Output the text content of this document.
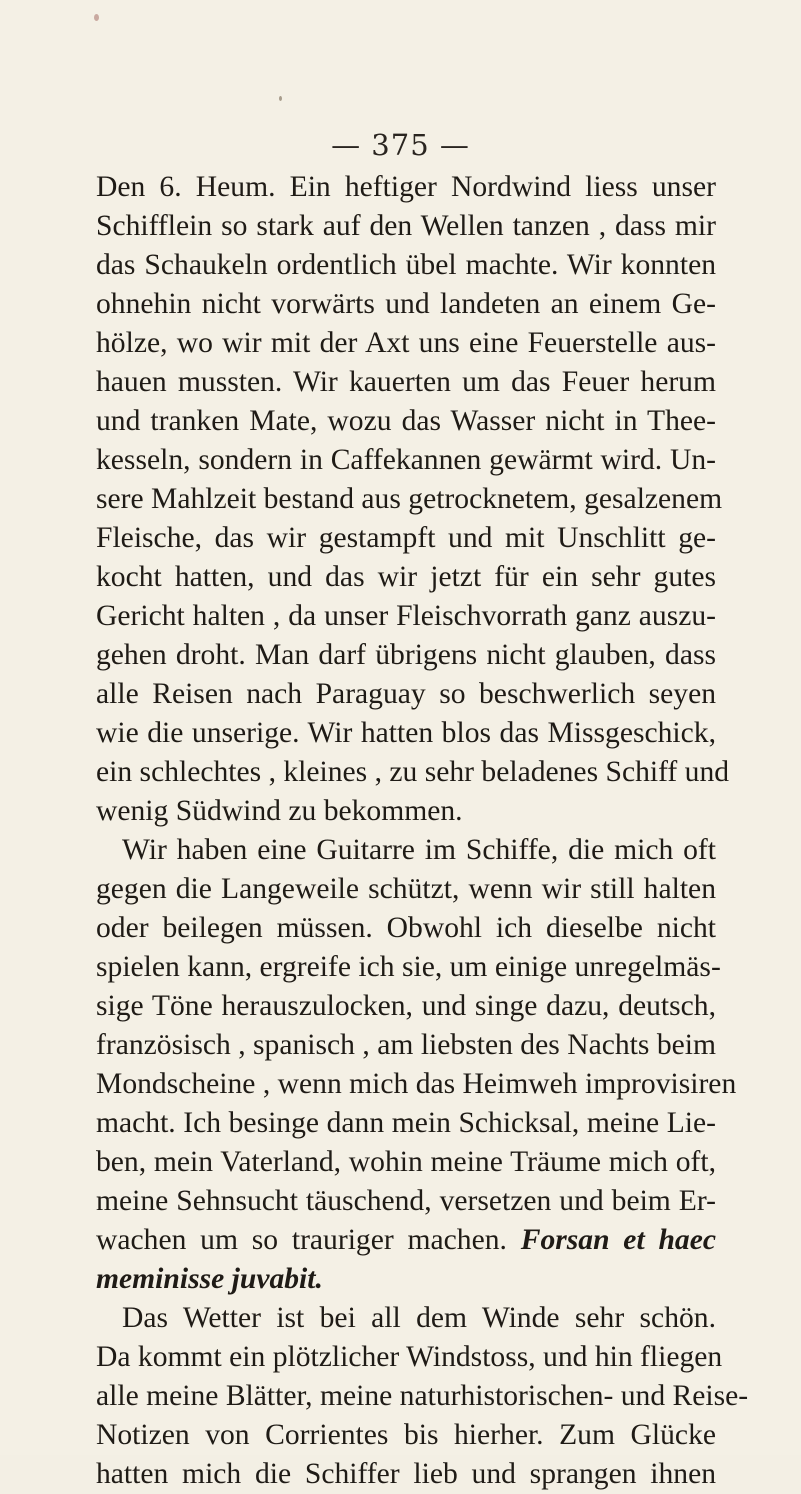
— 375 —
Den 6. Heum. Ein heftiger Nordwind liess unser
Schifflein so stark auf den Wellen tanzen , dass mir
das Schaukeln ordentlich übel machte. Wir konnten
ohnehin nicht vorwärts und landeten an einem Ge-
hölze, wo wir mit der Axt uns eine Feuerstelle aus-
hauen mussten. Wir kauerten um das Feuer herum
und tranken Mate, wozu das Wasser nicht in Thee-
kesseln, sondern in Caffekannen gewärmt wird. Un-
sere Mahlzeit bestand aus getrocknetem, gesalzenem
Fleische, das wir gestampft und mit Unschlitt ge-
kocht hatten, und das wir jetzt für ein sehr gutes
Gericht halten , da unser Fleischvorrath ganz auszu-
gehen droht. Man darf übrigens nicht glauben, dass
alle Reisen nach Paraguay so beschwerlich seyen
wie die unserige. Wir hatten blos das Missgeschick,
ein schlechtes , kleines , zu sehr beladenes Schiff und
wenig Südwind zu bekommen.
Wir haben eine Guitarre im Schiffe, die mich oft
gegen die Langeweile schützt, wenn wir still halten
oder beilegen müssen. Obwohl ich dieselbe nicht
spielen kann, ergreife ich sie, um einige unregelmäs-
sige Töne herauszulocken, und singe dazu, deutsch,
französisch , spanisch , am liebsten des Nachts beim
Mondscheine , wenn mich das Heimweh improvisiren
macht. Ich besinge dann mein Schicksal, meine Lie-
ben, mein Vaterland, wohin meine Träume mich oft,
meine Sehnsucht täuschend, versetzen und beim Er-
wachen um so trauriger machen. Forsan et haec
meminisse juvabit.
Das Wetter ist bei all dem Winde sehr schön.
Da kommt ein plötzlicher Windstoss, und hin fliegen
alle meine Blätter, meine naturhistorischen- und Reise-
Notizen von Corrientes bis hierher. Zum Glücke
hatten mich die Schiffer lieb und sprangen ihnen
